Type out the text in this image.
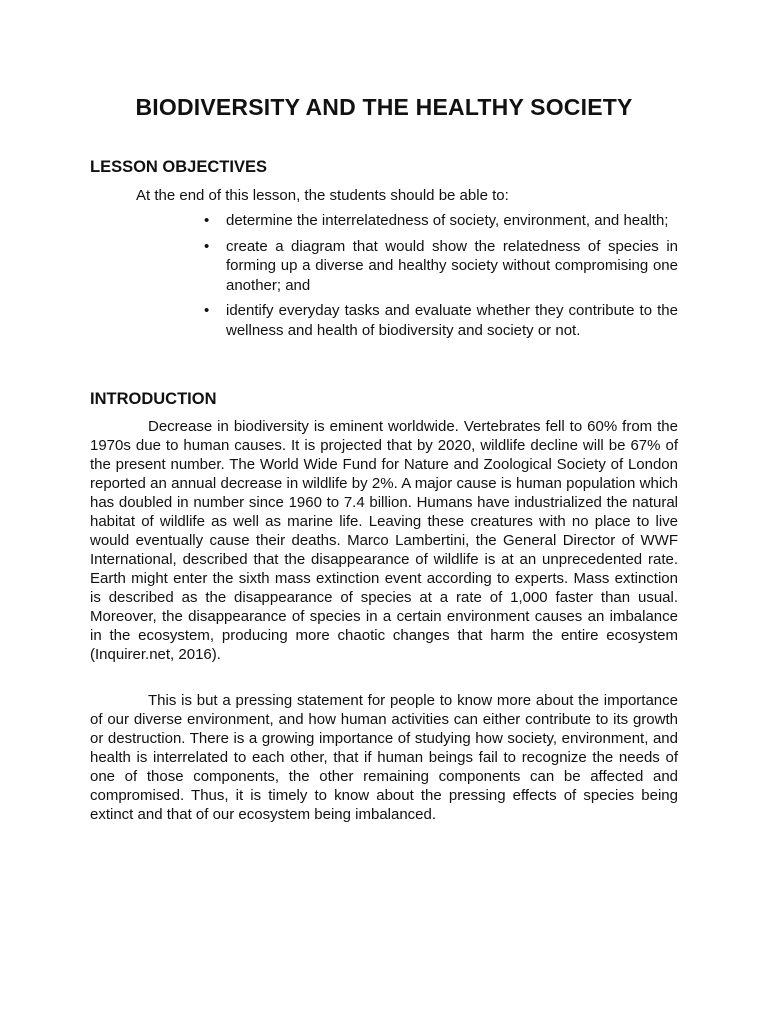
BIODIVERSITY AND THE HEALTHY SOCIETY
LESSON OBJECTIVES
At the end of this lesson, the students should be able to:
• determine the interrelatedness of society, environment, and health;
• create a diagram that would show the relatedness of species in forming up a diverse and healthy society without compromising one another; and
• identify everyday tasks and evaluate whether they contribute to the wellness and health of biodiversity and society or not.
INTRODUCTION

Decrease in biodiversity is eminent worldwide. Vertebrates fell to 60% from the 1970s due to human causes. It is projected that by 2020, wildlife decline will be 67% of the present number. The World Wide Fund for Nature and Zoological Society of London reported an annual decrease in wildlife by 2%. A major cause is human population which has doubled in number since 1960 to 7.4 billion. Humans have industrialized the natural habitat of wildlife as well as marine life. Leaving these creatures with no place to live would eventually cause their deaths. Marco Lambertini, the General Director of WWF International, described that the disappearance of wildlife is at an unprecedented rate. Earth might enter the sixth mass extinction event according to experts. Mass extinction is described as the disappearance of species at a rate of 1,000 faster than usual. Moreover, the disappearance of species in a certain environment causes an imbalance in the ecosystem, producing more chaotic changes that harm the entire ecosystem (Inquirer.net, 2016).

This is but a pressing statement for people to know more about the importance of our diverse environment, and how human activities can either contribute to its growth or destruction. There is a growing importance of studying how society, environment, and health is interrelated to each other, that if human beings fail to recognize the needs of one of those components, the other remaining components can be affected and compromised. Thus, it is timely to know about the pressing effects of species being extinct and that of our ecosystem being imbalanced.
